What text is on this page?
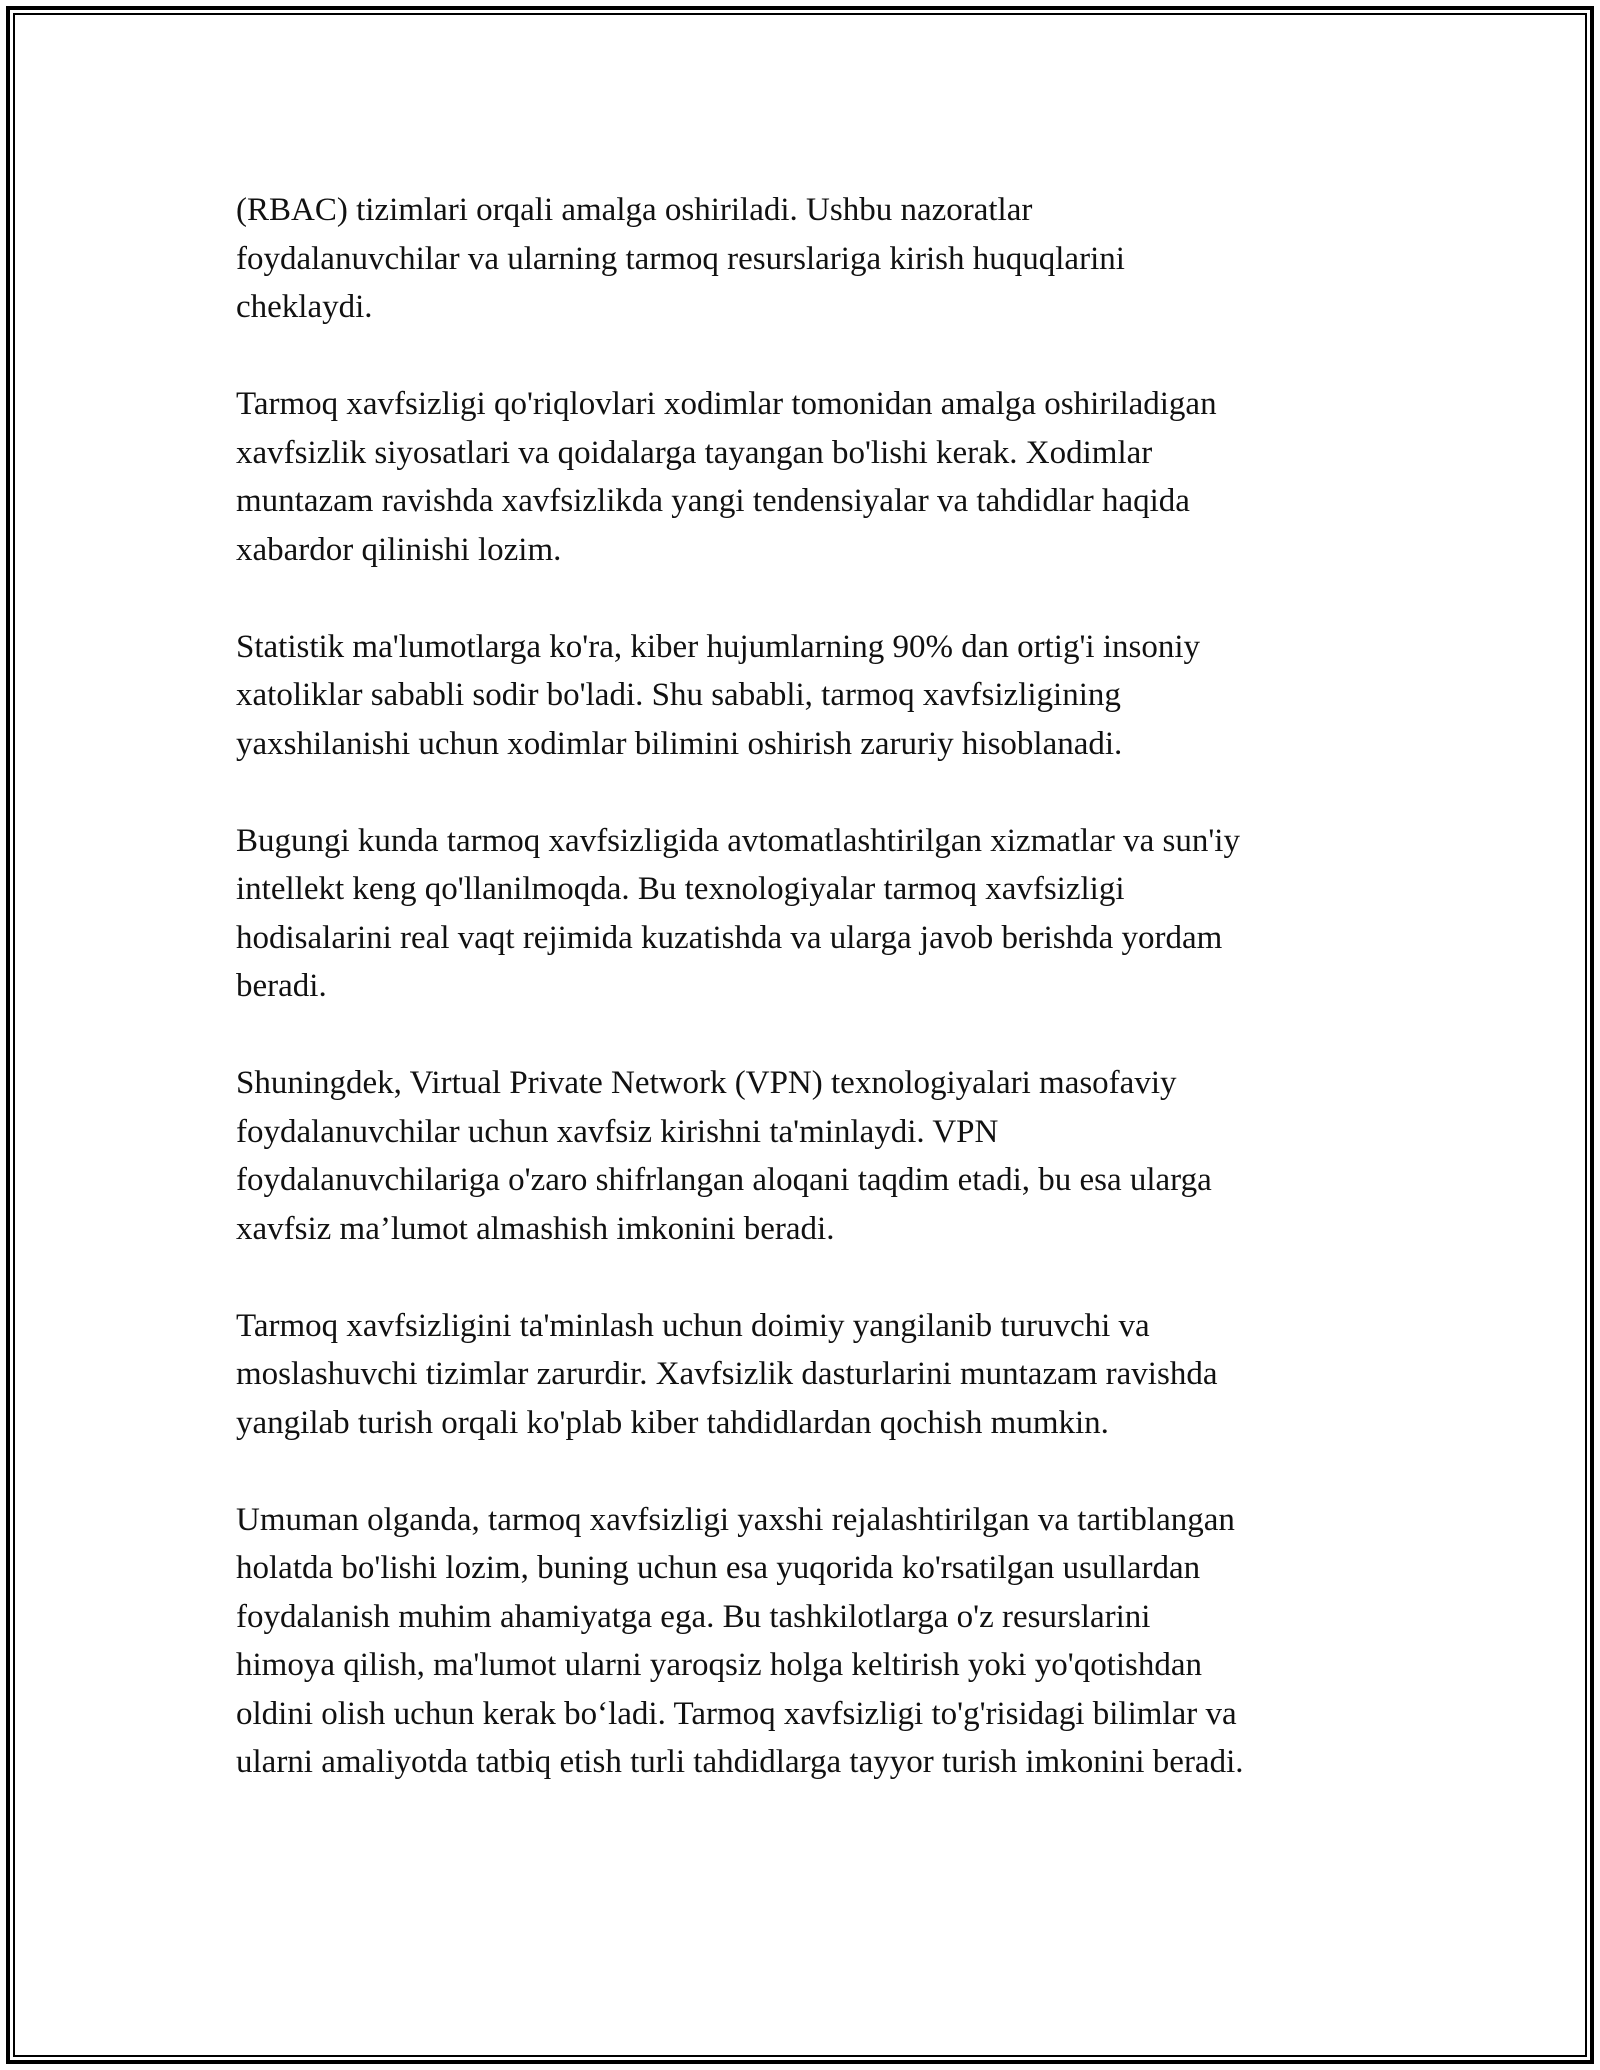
(RBAC) tizimlari orqali amalga oshiriladi. Ushbu nazoratlar
foydalanuvchilar va ularning tarmoq resurslariga kirish huquqlarini
cheklaydi.
Tarmoq xavfsizligi qo'riqlovlari xodimlar tomonidan amalga oshiriladigan
xavfsizlik siyosatlari va qoidalarga tayangan bo'lishi kerak. Xodimlar
muntazam ravishda xavfsizlikda yangi tendensiyalar va tahdidlar haqida
xabardor qilinishi lozim.
Statistik ma'lumotlarga ko'ra, kiber hujumlarning 90% dan ortig'i insoniy
xatoliklar sababli sodir bo'ladi. Shu sababli, tarmoq xavfsizligining
yaxshilanishi uchun xodimlar bilimini oshirish zaruriy hisoblanadi.
Bugungi kunda tarmoq xavfsizligida avtomatlashtirilgan xizmatlar va sun'iy
intellekt keng qo'llanilmoqda. Bu texnologiyalar tarmoq xavfsizligi
hodisalarini real vaqt rejimida kuzatishda va ularga javob berishda yordam
beradi.
Shuningdek, Virtual Private Network (VPN) texnologiyalari masofaviy
foydalanuvchilar uchun xavfsiz kirishni ta'minlaydi. VPN
foydalanuvchilariga o'zaro shifrlangan aloqani taqdim etadi, bu esa ularga
xavfsiz ma’lumot almashish imkonini beradi.
Tarmoq xavfsizligini ta'minlash uchun doimiy yangilanib turuvchi va
moslashuvchi tizimlar zarurdir. Xavfsizlik dasturlarini muntazam ravishda
yangilab turish orqali ko'plab kiber tahdidlardan qochish mumkin.
Umuman olganda, tarmoq xavfsizligi yaxshi rejalashtirilgan va tartiblangan
holatda bo'lishi lozim, buning uchun esa yuqorida ko'rsatilgan usullardan
foydalanish muhim ahamiyatga ega. Bu tashkilotlarga o'z resurslarini
himoya qilish, ma'lumot ularni yaroqsiz holga keltirish yoki yo'qotishdan
oldini olish uchun kerak bo‘ladi. Tarmoq xavfsizligi to'g'risidagi bilimlar va
ularni amaliyotda tatbiq etish turli tahdidlarga tayyor turish imkonini beradi.
